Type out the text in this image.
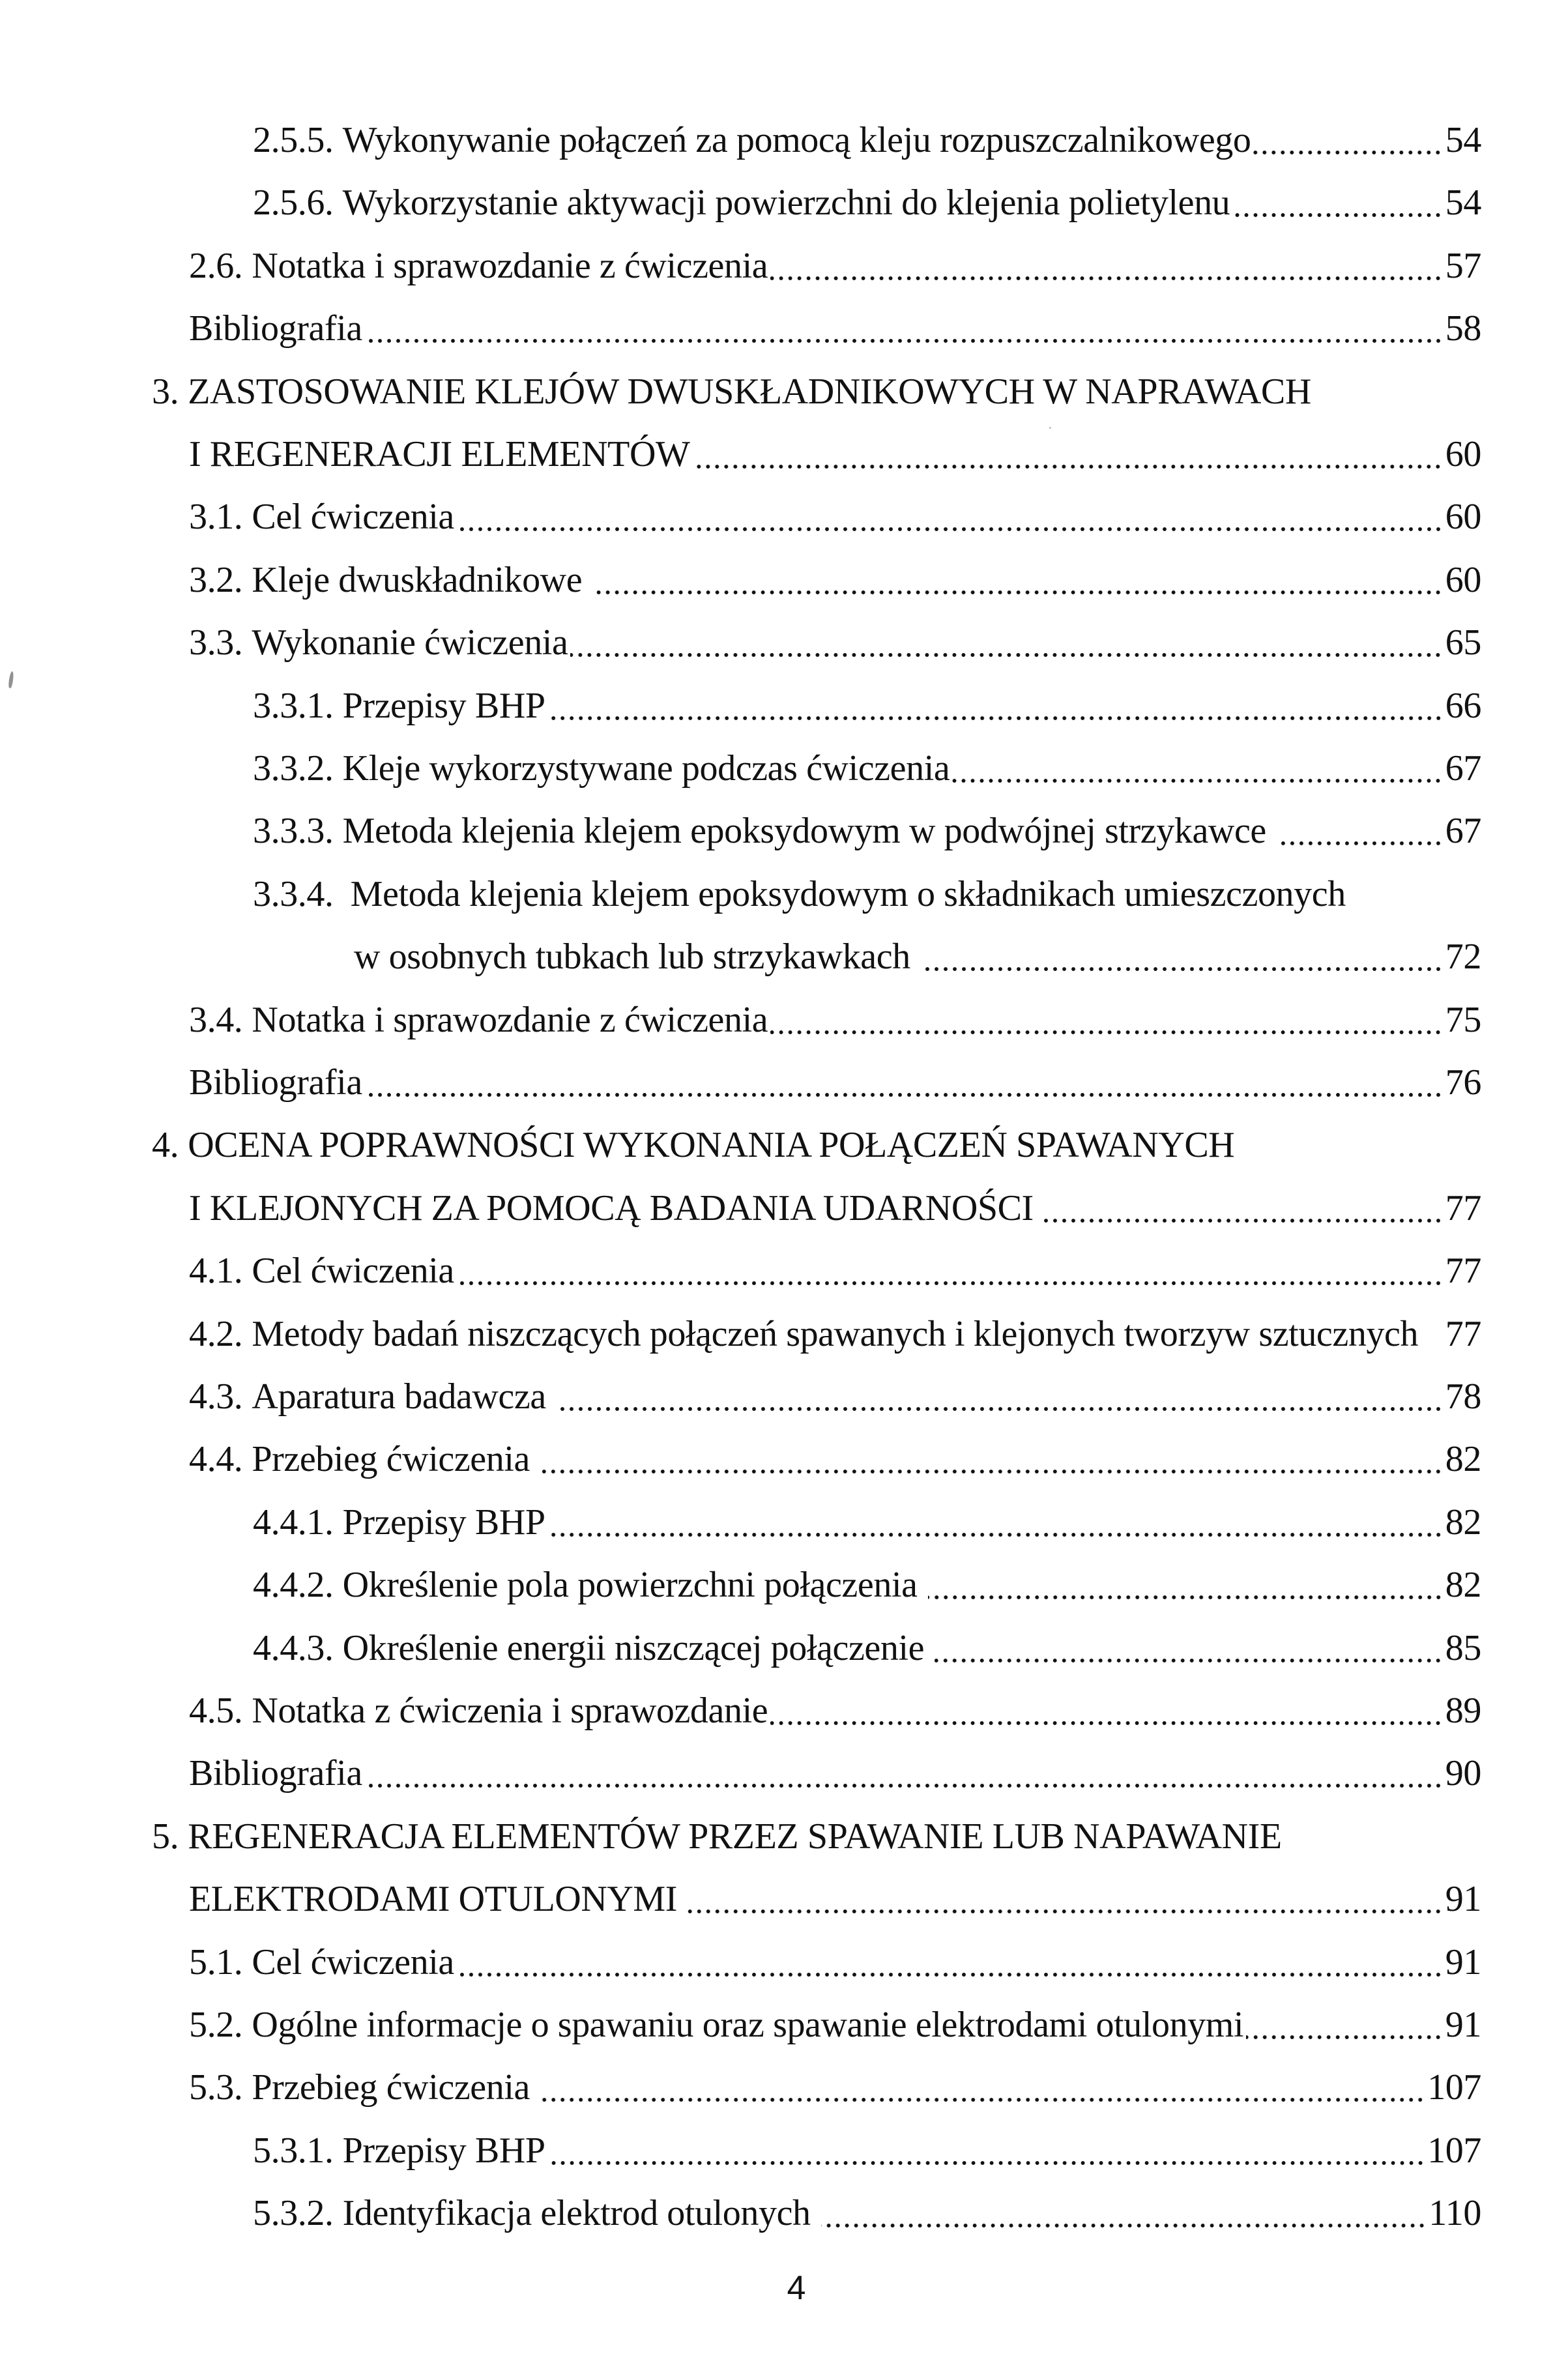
2.5.5. Wykonywanie połączeń za pomocą kleju rozpuszczalnikowego	54
2.5.6. Wykorzystanie aktywacji powierzchni do klejenia polietylenu	54
2.6. Notatka i sprawozdanie z ćwiczenia	57
Bibliografia	58
3. ZASTOSOWANIE KLEJÓW DWUSKŁADNIKOWYCH W NAPRAWACH
I REGENERACJI ELEMENTÓW	60
3.1. Cel ćwiczenia	60
3.2. Kleje dwuskładnikowe	60
3.3. Wykonanie ćwiczenia	65
3.3.1. Przepisy BHP	66
3.3.2. Kleje wykorzystywane podczas ćwiczenia	67
3.3.3. Metoda klejenia klejem epoksydowym w podwójnej strzykawce	67
3.3.4. Metoda klejenia klejem epoksydowym o składnikach umieszczonych
w osobnych tubkach lub strzykawkach	72
3.4. Notatka i sprawozdanie z ćwiczenia	75
Bibliografia	76
4. OCENA POPRAWNOŚCI WYKONANIA POŁĄCZEŃ SPAWANYCH
I KLEJONYCH ZA POMOCĄ BADANIA UDARNOŚCI	77
4.1. Cel ćwiczenia	77
4.2. Metody badań niszczących połączeń spawanych i klejonych tworzyw sztucznych 77
4.3. Aparatura badawcza	78
4.4. Przebieg ćwiczenia	82
4.4.1. Przepisy BHP	82
4.4.2. Określenie pola powierzchni połączenia	82
4.4.3. Określenie energii niszczącej połączenie	85
4.5. Notatka z ćwiczenia i sprawozdanie	89
Bibliografia	90
5. REGENERACJA ELEMENTÓW PRZEZ SPAWANIE LUB NAPAWANIE
ELEKTRODAMI OTULONYMI	91
5.1. Cel ćwiczenia	91
5.2. Ogólne informacje o spawaniu oraz spawanie elektrodami otulonymi	91
5.3. Przebieg ćwiczenia	107
5.3.1. Przepisy BHP	107
5.3.2. Identyfikacja elektrod otulonych	110
4
